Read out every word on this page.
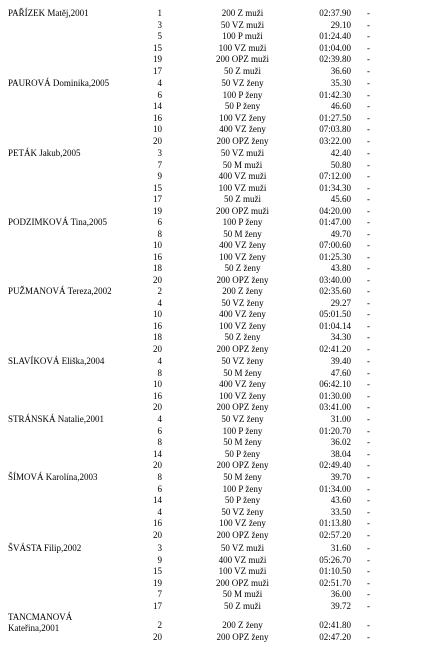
PAŘÍZEK Matěj,2001	1	200 Z muži	02:37.90 -
3	50 VZ muži	29.10 -
5	100 P muži	01:24.40 -
15	100 VZ muži	01:04.00 -
19	200 OPZ muži	02:39.80 -
17	50 Z muži	36.60 -
PAUROVÁ Dominika,2005	4	50 VZ ženy	35.30 -
6	100 P ženy	01:42.30 -
14	50 P ženy	46.60 -
16	100 VZ ženy	01:27.50 -
10	400 VZ ženy	07:03.80 -
20	200 OPZ ženy	03:22.00 -
PETÁK Jakub,2005	3	50 VZ muži	42.40 -
7	50 M muži	50.80 -
9	400 VZ muži	07:12.00 -
15	100 VZ muži	01:34.30 -
17	50 Z muži	45.60 -
19	200 OPZ muži	04:20.00 -
PODZIMKOVÁ Tina,2005	6	100 P ženy	01:47.00 -
8	50 M ženy	49.70 -
10	400 VZ ženy	07:00.60 -
16	100 VZ ženy	01:25.30 -
18	50 Z ženy	43.80 -
20	200 OPZ ženy	03:40.00 -
PUŽMANOVÁ Tereza,2002	2	200 Z ženy	02:35.60 -
4	50 VZ ženy	29.27 -
10	400 VZ ženy	05:01.50 -
16	100 VZ ženy	01:04.14 -
18	50 Z ženy	34.30 -
20	200 OPZ ženy	02:41.20 -
SLAVÍKOVÁ Eliška,2004	4	50 VZ ženy	39.40 -
8	50 M ženy	47.60 -
10	400 VZ ženy	06:42.10 -
16	100 VZ ženy	01:30.00 -
20	200 OPZ ženy	03:41.00 -
STRÁNSKÁ Natalie,2001	4	50 VZ ženy	31.00 -
6	100 P ženy	01:20.70 -
8	50 M ženy	36.02 -
14	50 P ženy	38.04 -
20	200 OPZ ženy	02:49.40 -
ŠÍMOVÁ Karolína,2003	8	50 M ženy	39.70 -
6	100 P ženy	01:34.00 -
14	50 P ženy	43.60 -
4	50 VZ ženy	33.50 -
16	100 VZ ženy	01:13.80 -
20	200 OPZ ženy	02:57.20 -
ŠVÁSTA Filip,2002	3	50 VZ muži	31.60 -
9	400 VZ muži	05:26.70 -
15	100 VZ muži	01:10.50 -
19	200 OPZ muži	02:51.70 -
7	50 M muži	36.00 -
17	50 Z muži	39.72 -
TANCMANOVÁ Kateřina,2001	2	200 Z ženy	02:41.80 -
20	200 OPZ ženy	02:47.20 -
